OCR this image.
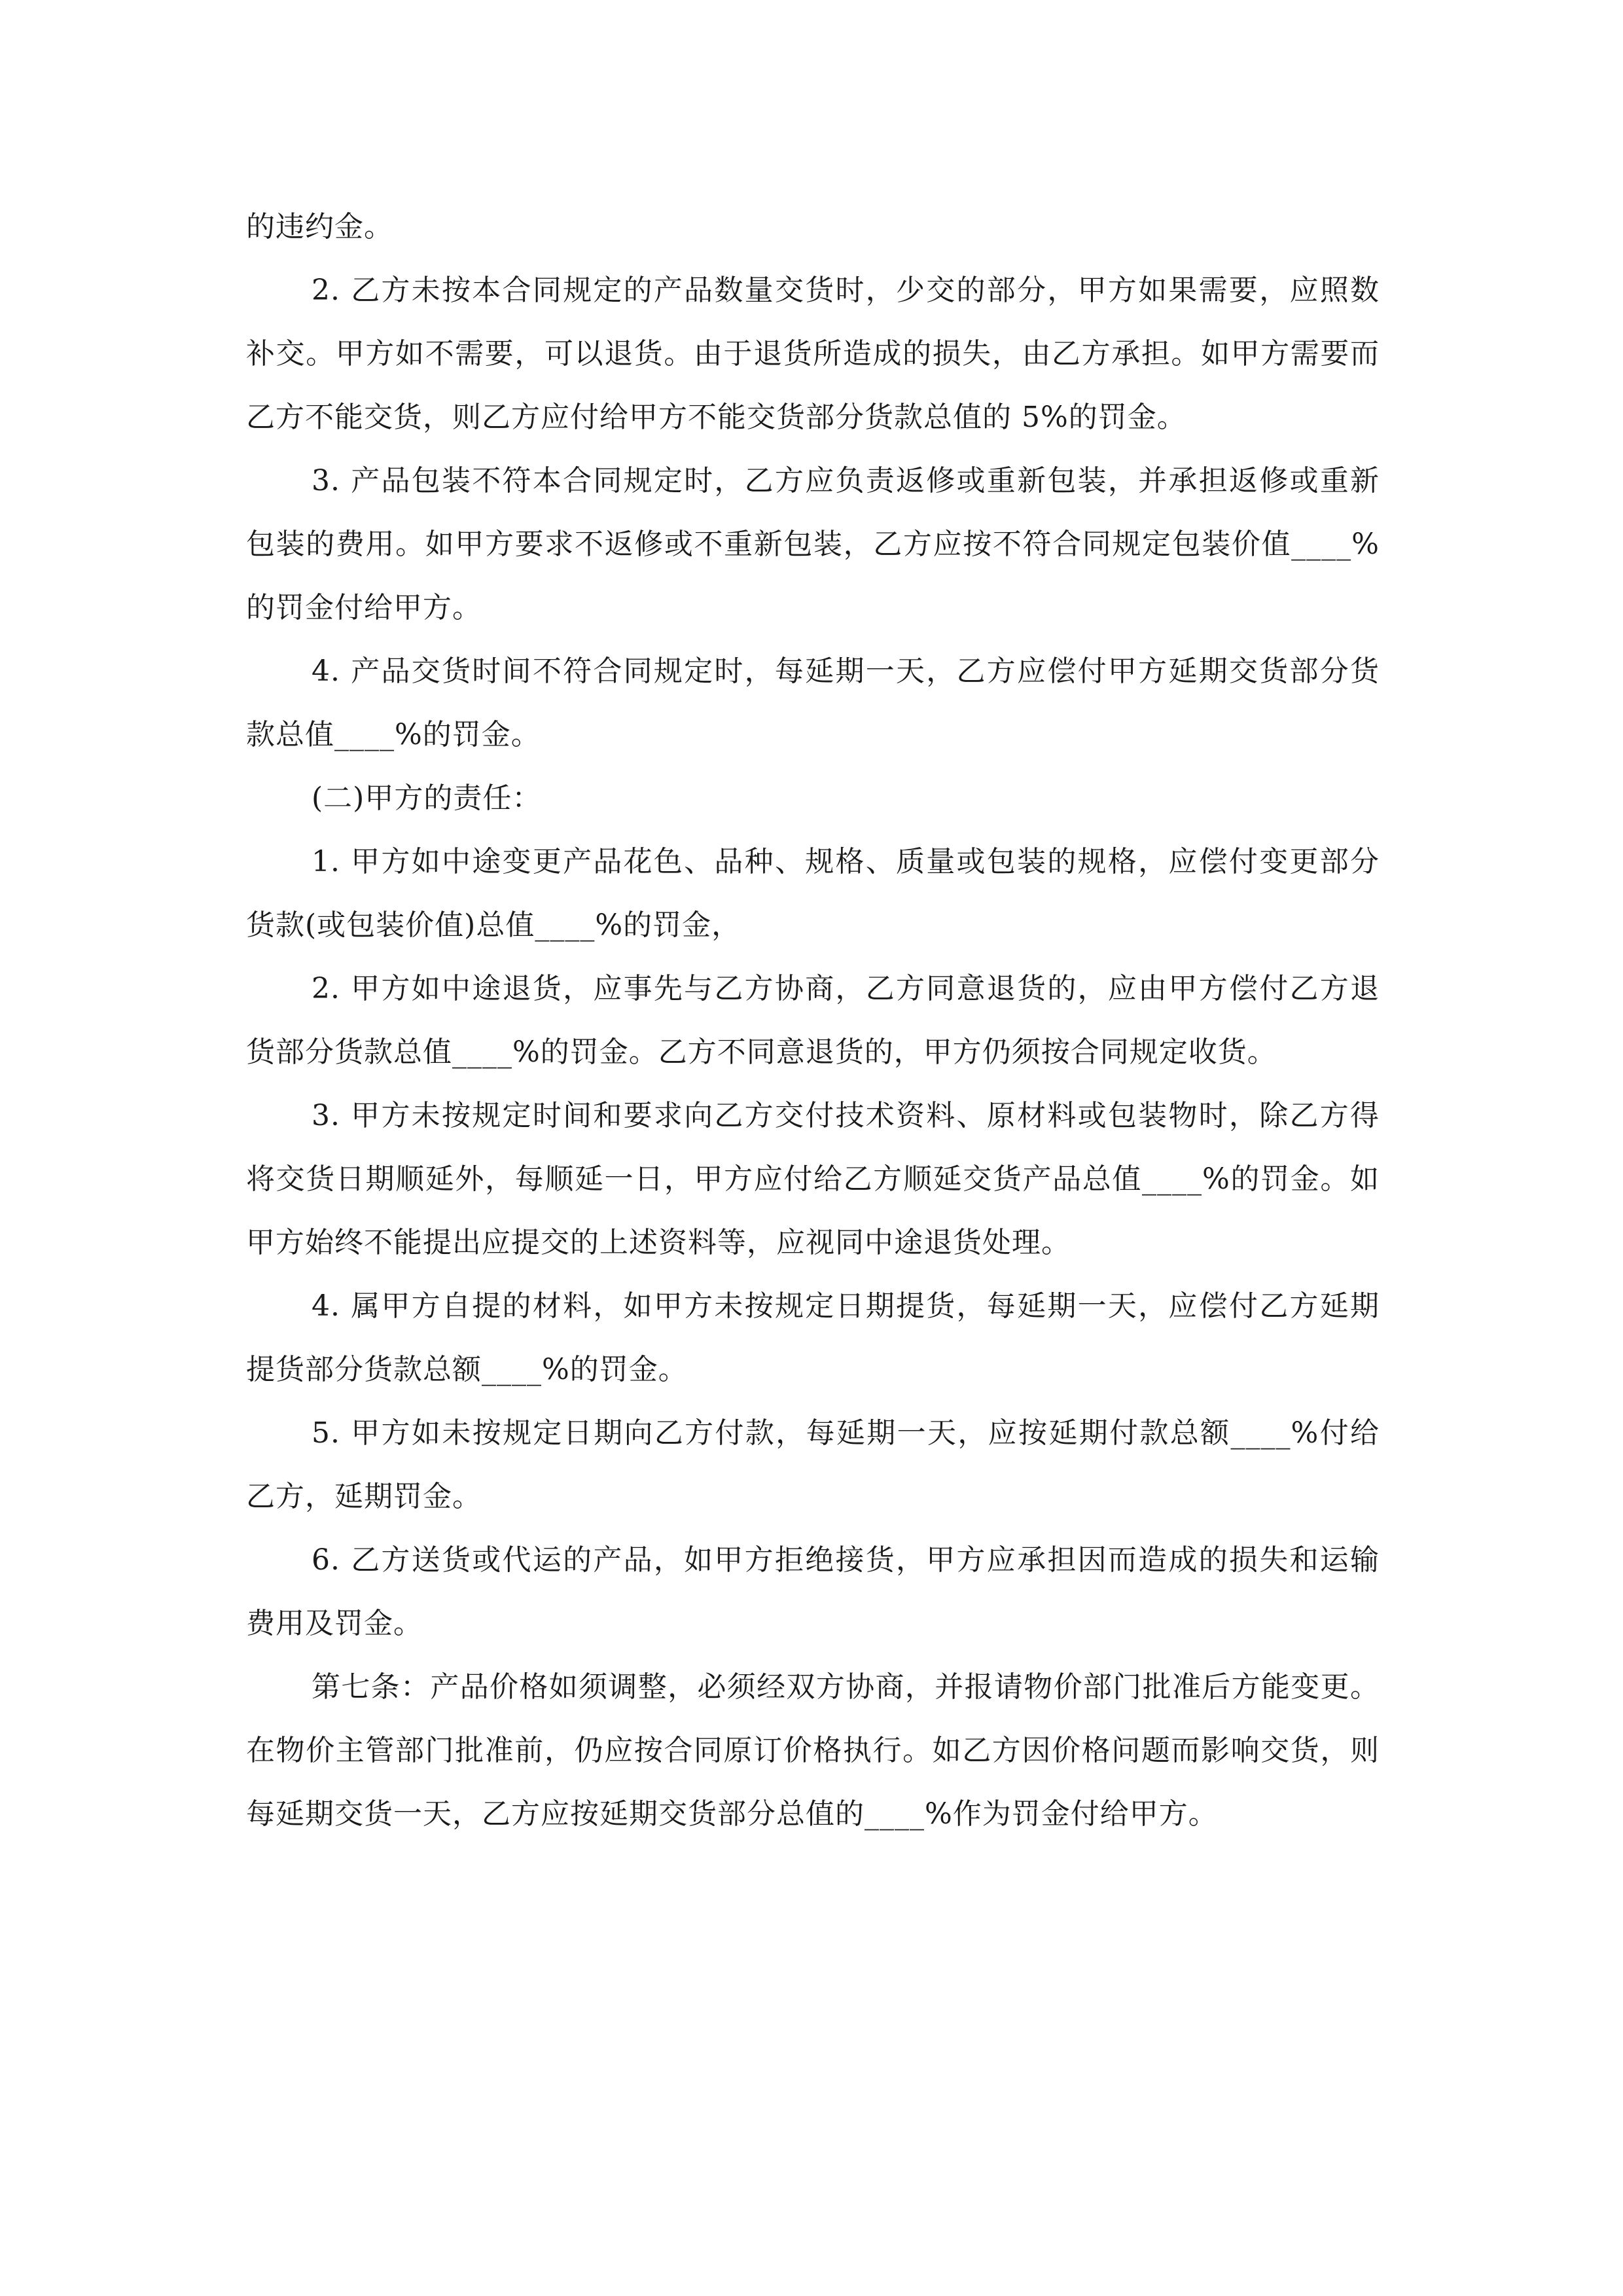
的违约金。

2. 乙方未按本合同规定的产品数量交货时，少交的部分，甲方如果需要，应照数补交。甲方如不需要，可以退货。由于退货所造成的损失，由乙方承担。如甲方需要而乙方不能交货，则乙方应付给甲方不能交货部分货款总值的 5%的罚金。

3. 产品包装不符本合同规定时，乙方应负责返修或重新包装，并承担返修或重新包装的费用。如甲方要求不返修或不重新包装，乙方应按不符合同规定包装价值____%的罚金付给甲方。

4. 产品交货时间不符合同规定时，每延期一天，乙方应偿付甲方延期交货部分货款总值____%的罚金。

(二)甲方的责任：

1. 甲方如中途变更产品花色、品种、规格、质量或包装的规格，应偿付变更部分货款(或包装价值)总值____%的罚金，

2. 甲方如中途退货，应事先与乙方协商，乙方同意退货的，应由甲方偿付乙方退货部分货款总值____%的罚金。乙方不同意退货的，甲方仍须按合同规定收货。

3. 甲方未按规定时间和要求向乙方交付技术资料、原材料或包装物时，除乙方得将交货日期顺延外，每顺延一日，甲方应付给乙方顺延交货产品总值____%的罚金。如甲方始终不能提出应提交的上述资料等，应视同中途退货处理。

4. 属甲方自提的材料，如甲方未按规定日期提货，每延期一天，应偿付乙方延期提货部分货款总额____%的罚金。

5. 甲方如未按规定日期向乙方付款，每延期一天，应按延期付款总额____%付给乙方，延期罚金。

6. 乙方送货或代运的产品，如甲方拒绝接货，甲方应承担因而造成的损失和运输费用及罚金。

第七条：产品价格如须调整，必须经双方协商，并报请物价部门批准后方能变更。在物价主管部门批准前，仍应按合同原订价格执行。如乙方因价格问题而影响交货，则每延期交货一天，乙方应按延期交货部分总值的____%作为罚金付给甲方。
